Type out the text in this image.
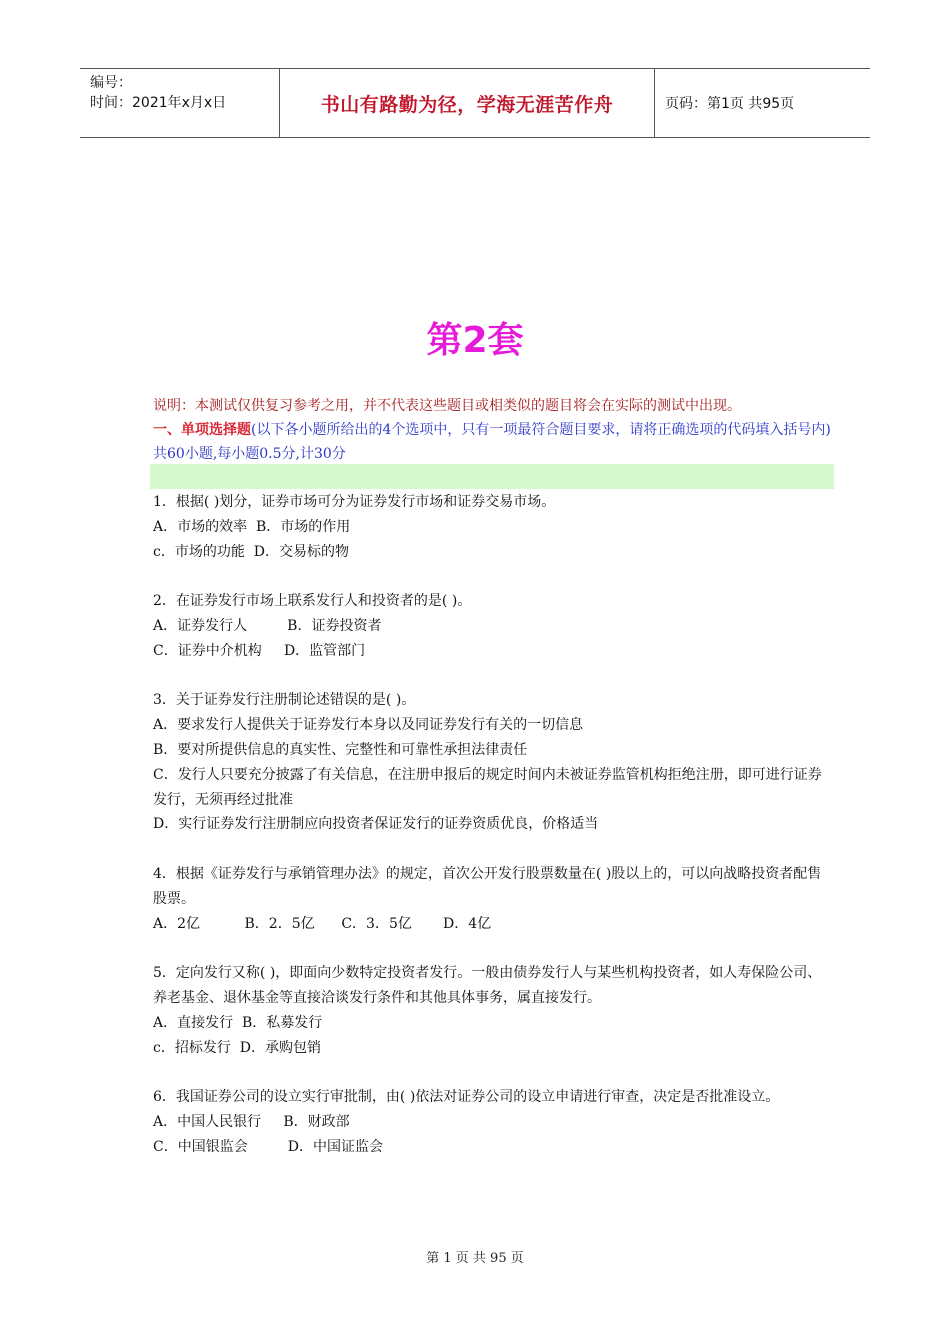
编号：
时间：2021年x月x日	书山有路勤为径，学海无涯苦作舟	页码：第1页 共95页
第2套
说明：本测试仅供复习参考之用，并不代表这些题目或相类似的题目将会在实际的测试中出现。
一、单项选择题(以下各小题所给出的4个选项中，只有一项最符合题目要求，请将正确选项的代码填入括号内)共60小题,每小题0.5分,计30分
1．根据( )划分，证券市场可分为证券发行市场和证券交易市场。
A．市场的效率  B．市场的作用
c．市场的功能  D．交易标的物
2．在证券发行市场上联系发行人和投资者的是( )。
A．证券发行人         B．证券投资者
C．证券中介机构     D．监管部门
3．关于证券发行注册制论述错误的是( )。
A．要求发行人提供关于证券发行本身以及同证券发行有关的一切信息
B．要对所提供信息的真实性、完整性和可靠性承担法律责任
C．发行人只要充分披露了有关信息，在注册申报后的规定时间内未被证券监管机构拒绝注册，即可进行证券发行，无须再经过批准
D．实行证券发行注册制应向投资者保证发行的证券资质优良，价格适当
4．根据《证券发行与承销管理办法》的规定，首次公开发行股票数量在( )股以上的，可以向战略投资者配售股票。
A．2亿          B．2．5亿      C．3．5亿       D．4亿
5．定向发行又称( )，即面向少数特定投资者发行。一般由债券发行人与某些机构投资者，如人寿保险公司、养老基金、退休基金等直接洽谈发行条件和其他具体事务，属直接发行。
A．直接发行  B．私募发行
c．招标发行  D．承购包销
6．我国证券公司的设立实行审批制，由( )依法对证券公司的设立申请进行审查，决定是否批准设立。
A．中国人民银行     B．财政部
C．中国银监会         D．中国证监会
第 1 页 共 95 页
